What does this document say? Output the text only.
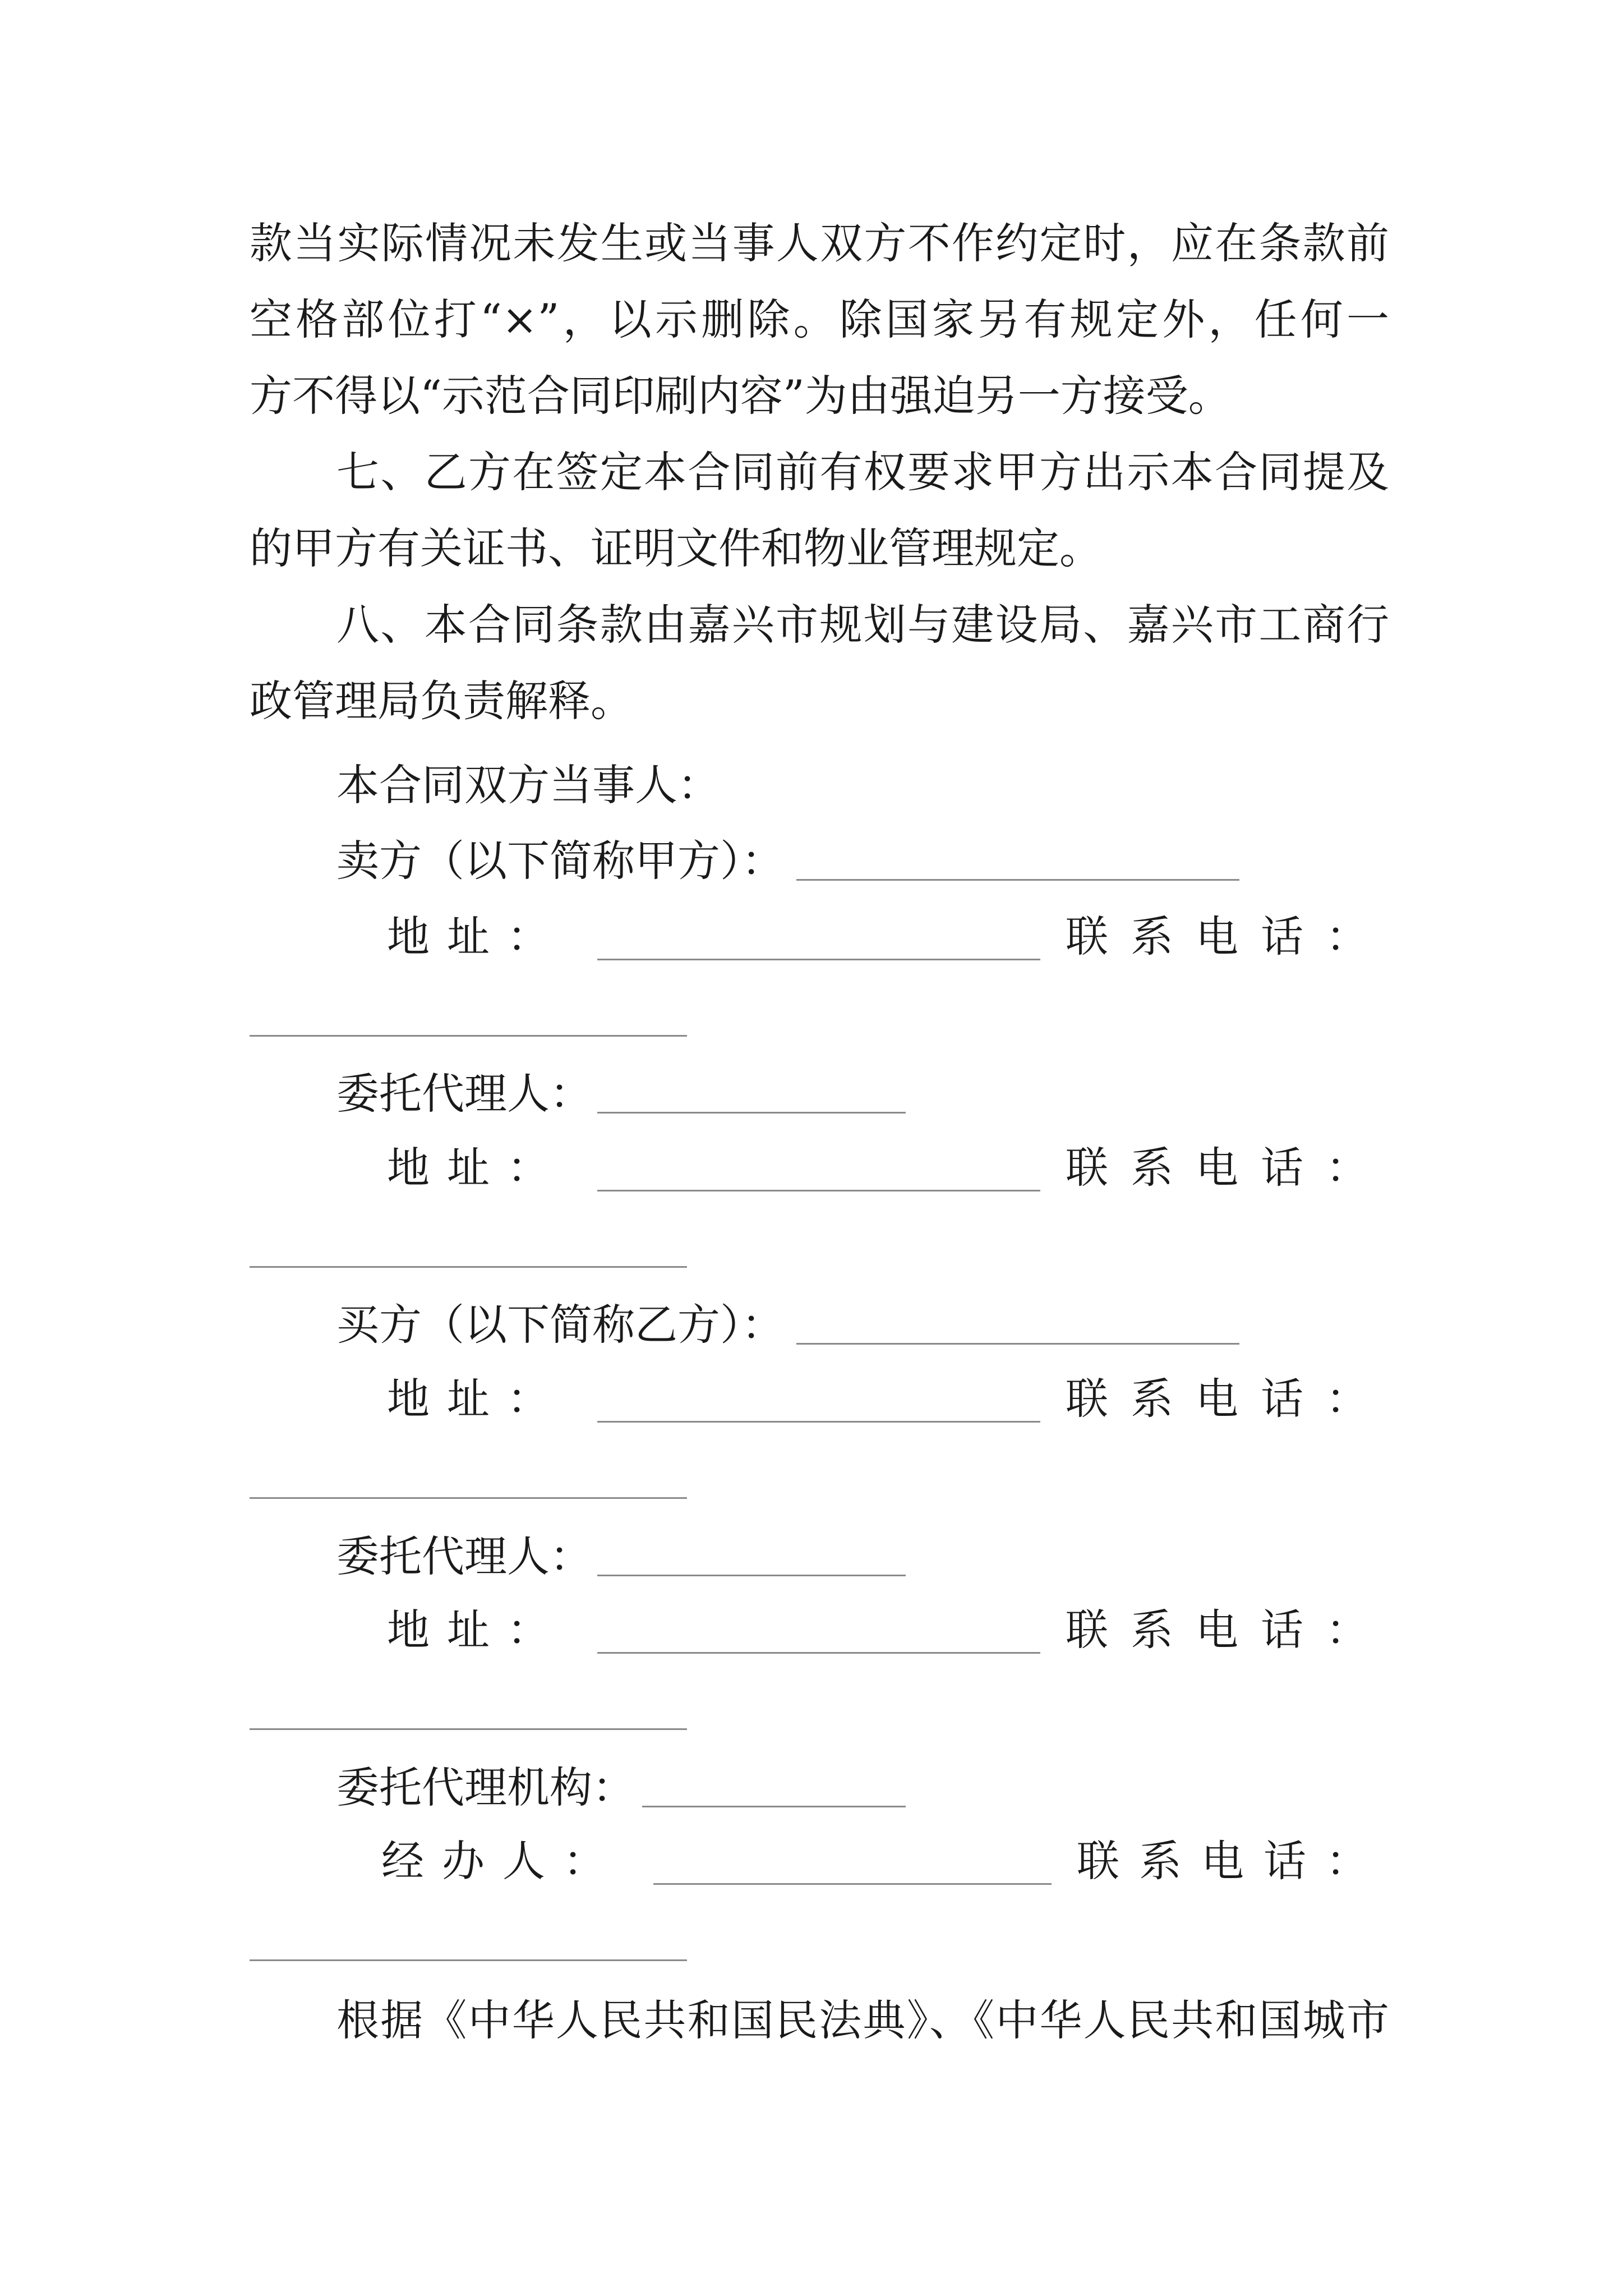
款当实际情况未发生或当事人双方不作约定时，应在条款前
空格部位打“×”，以示删除。除国家另有规定外，任何一
方不得以“示范合同印刷内容”为由强迫另一方接受。
七、乙方在签定本合同前有权要求甲方出示本合同提及
的甲方有关证书、证明文件和物业管理规定。
八、本合同条款由嘉兴市规划与建设局、嘉兴市工商行
政管理局负责解释。
本合同双方当事人：
卖方（以下简称甲方）：
地 址 ：	联 系 电 话 ：
委托代理人：
地 址 ：	联 系 电 话 ：
买方（以下简称乙方）：
地 址 ：	联 系 电 话 ：
委托代理人：
地 址 ：	联 系 电 话 ：
委托代理机构：
经 办 人 ：	联 系 电 话 ：
根据《中华人民共和国民法典》、《中华人民共和国城市
